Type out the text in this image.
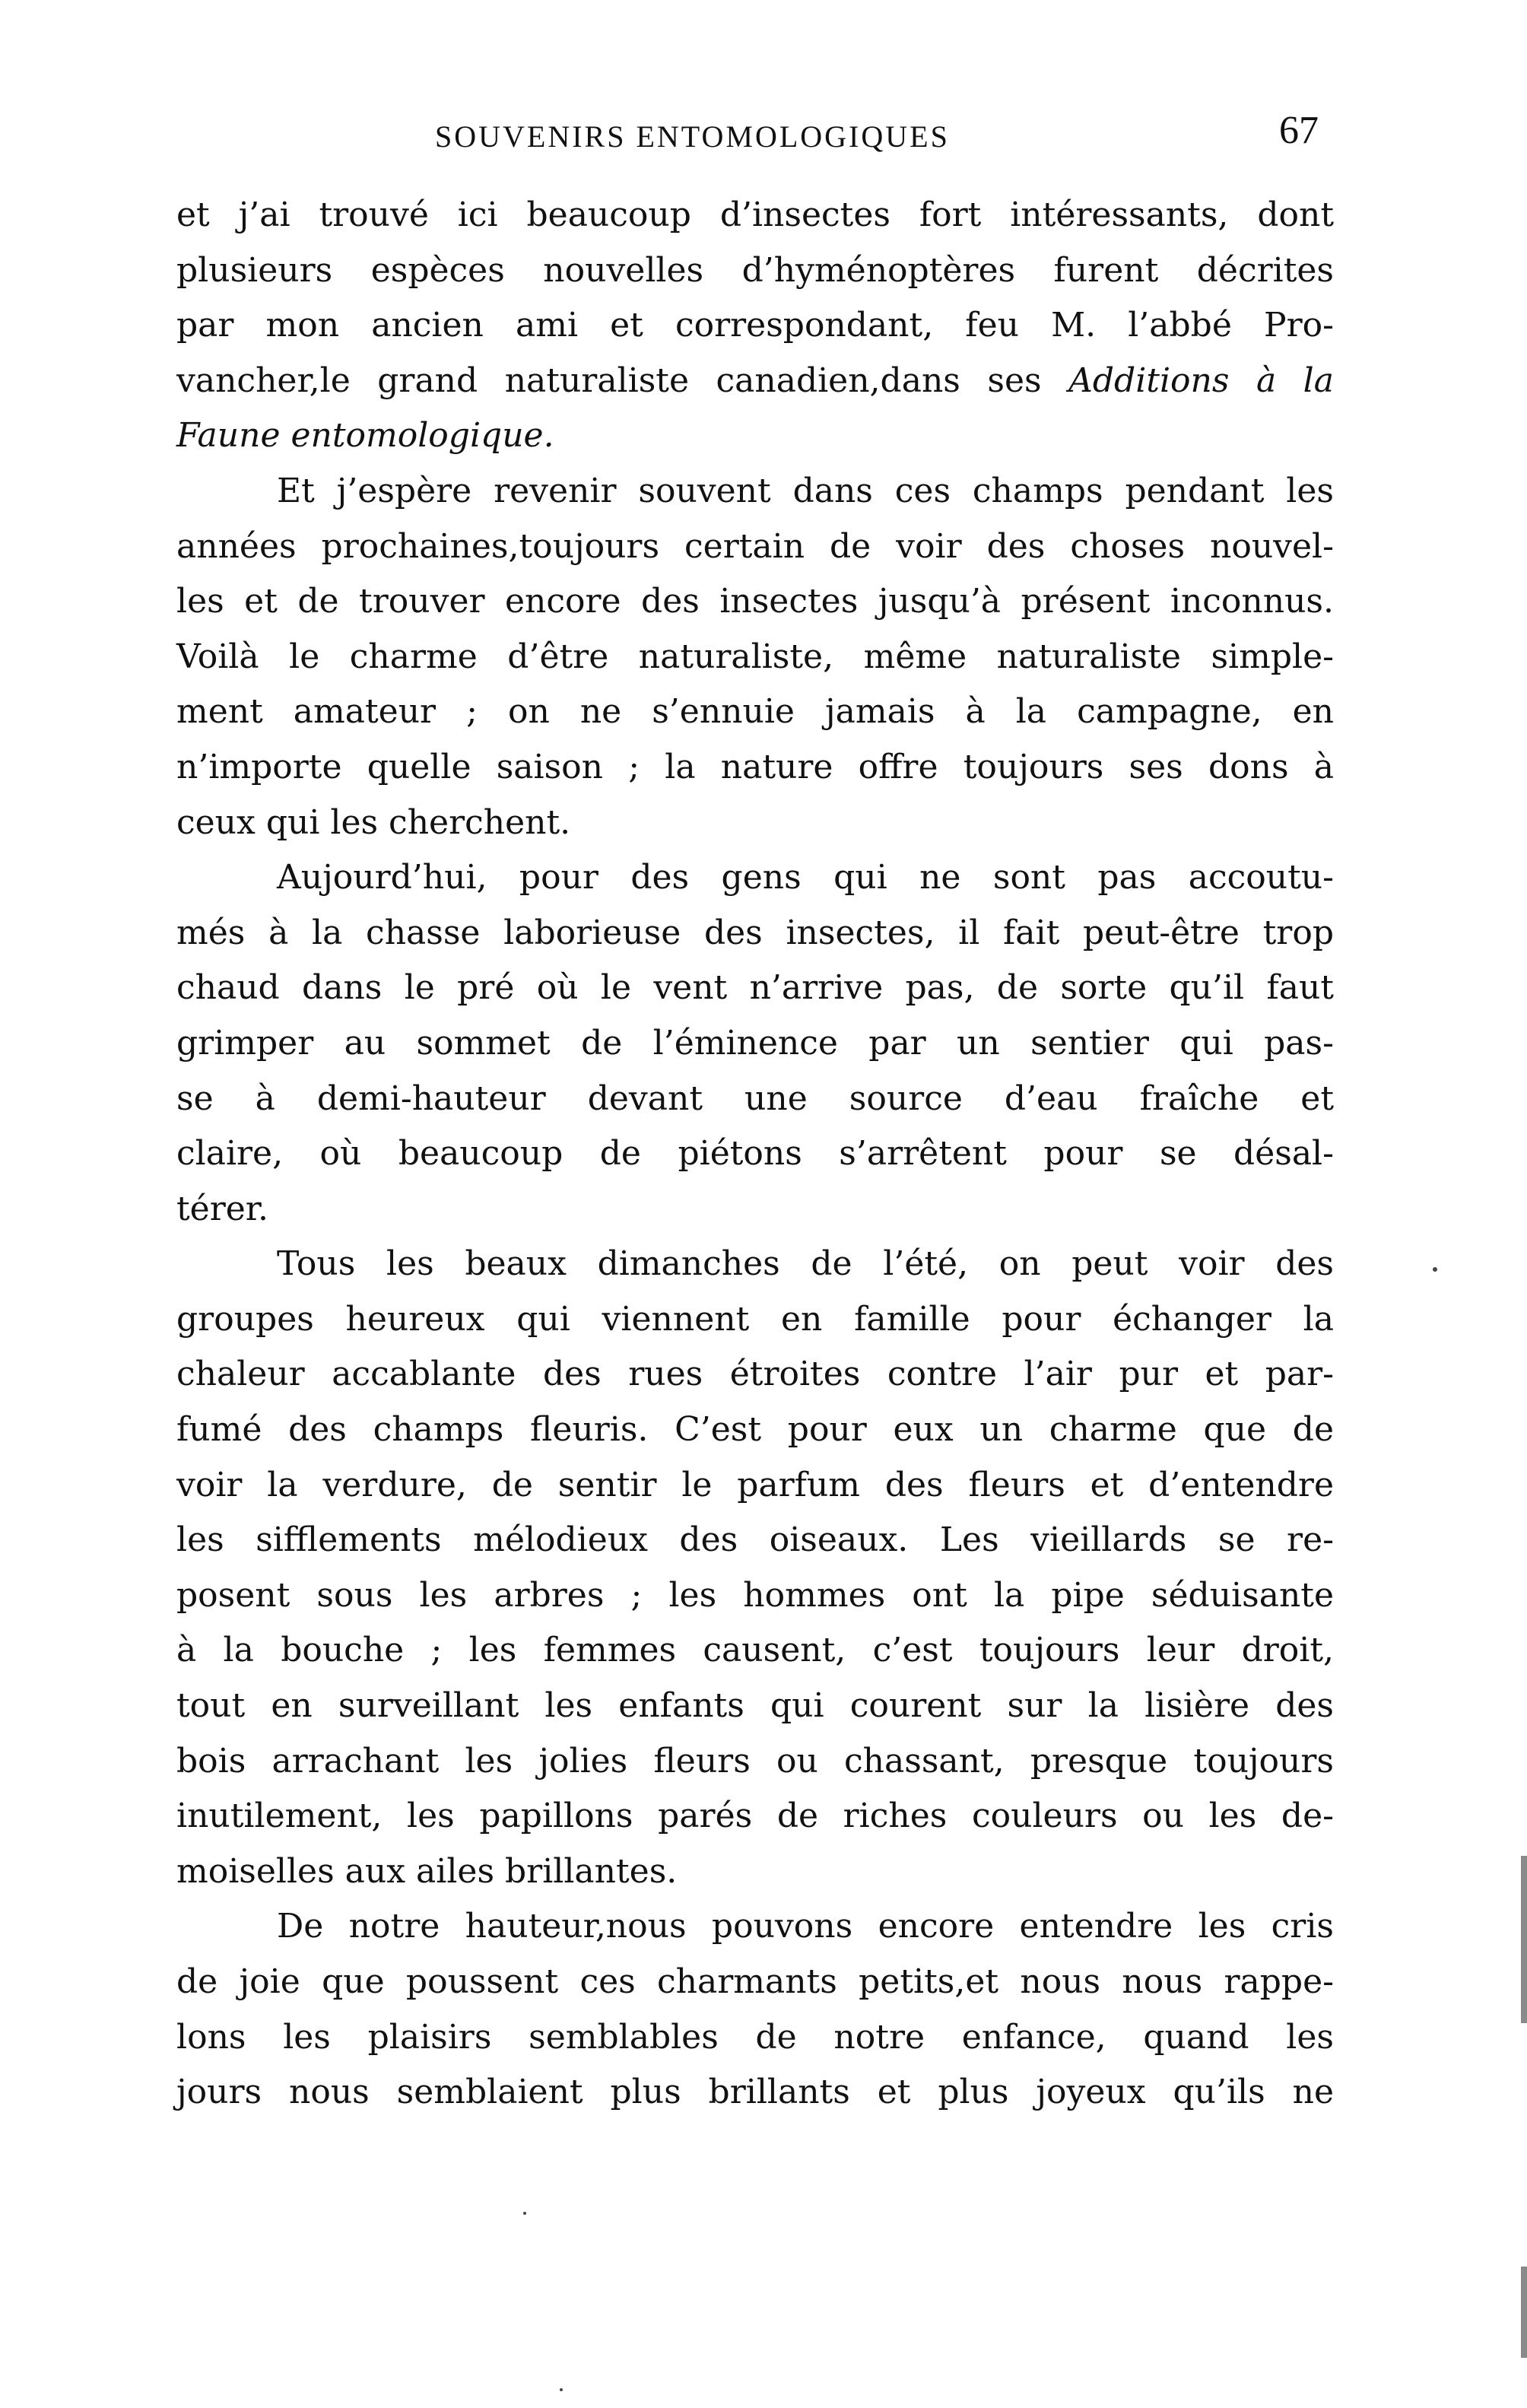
SOUVENIRS ENTOMOLOGIQUES	67
et j’ai trouvé ici beaucoup d’insectes fort intéressants, dont
plusieurs espèces nouvelles d’hyménoptères furent décrites
par mon ancien ami et correspondant, feu M. l’abbé Pro-
vancher,le grand naturaliste canadien,dans ses Additions à la
Faune entomologique.
Et j’espère revenir souvent dans ces champs pendant les
années prochaines,toujours certain de voir des choses nouvel-
les et de trouver encore des insectes jusqu’à présent inconnus.
Voilà le charme d’être naturaliste, même naturaliste simple-
ment amateur ; on ne s’ennuie jamais à la campagne, en
n’importe quelle saison ; la nature offre toujours ses dons à
ceux qui les cherchent.
Aujourd’hui, pour des gens qui ne sont pas accoutu-
més à la chasse laborieuse des insectes, il fait peut-être trop
chaud dans le pré où le vent n’arrive pas, de sorte qu’il faut
grimper au sommet de l’éminence par un sentier qui pas-
se à demi-hauteur devant une source d’eau fraîche et
claire, où beaucoup de piétons s’arrêtent pour se désal-
térer.
Tous les beaux dimanches de l’été, on peut voir des
groupes heureux qui viennent en famille pour échanger la
chaleur accablante des rues étroites contre l’air pur et par-
fumé des champs fleuris. C’est pour eux un charme que de
voir la verdure, de sentir le parfum des fleurs et d’entendre
les sifflements mélodieux des oiseaux. Les vieillards se re-
posent sous les arbres ; les hommes ont la pipe séduisante
à la bouche ; les femmes causent, c’est toujours leur droit,
tout en surveillant les enfants qui courent sur la lisière des
bois arrachant les jolies fleurs ou chassant, presque toujours
inutilement, les papillons parés de riches couleurs ou les de-
moiselles aux ailes brillantes.
De notre hauteur,nous pouvons encore entendre les cris
de joie que poussent ces charmants petits,et nous nous rappe-
lons les plaisirs semblables de notre enfance, quand les
jours nous semblaient plus brillants et plus joyeux qu’ils ne
